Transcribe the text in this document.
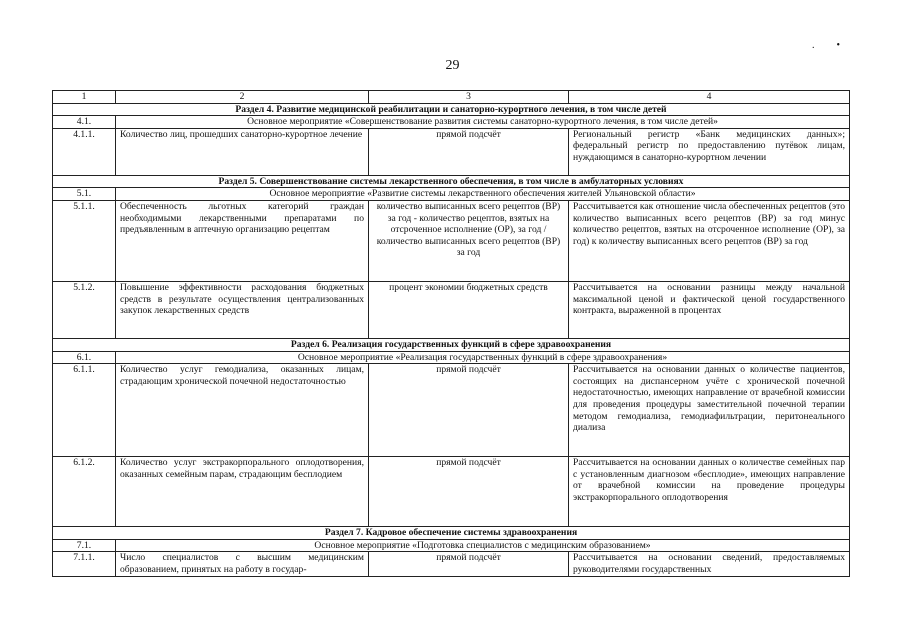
.•
29
1	2	3	4
Раздел 4. Развитие медицинской реабилитации и санаторно-курортного лечения, в том числе детей			
4.1.	Основное мероприятие «Совершенствование развития системы санаторно-курортного лечения, в том числе детей»		
4.1.1.	Количество лиц, прошедших санаторно-курортное лечение	прямой подсчёт	Региональный регистр «Банк медицинских данных»; федеральный регистр по предоставлению путёвок лицам, нуждающимся в санаторно-курортном лечении
Раздел 5. Совершенствование системы лекарственного обеспечения, в том числе в амбулаторных условиях			
5.1.	Основное мероприятие «Развитие системы лекарственного обеспечения жителей Ульяновской области»		
5.1.1.	Обеспеченность льготных категорий граждан необходимыми лекарственными препаратами по предъявленным в аптечную организацию рецептам	количество выписанных всего рецептов (ВР) за год - количество рецептов, взятых на отсроченное исполнение (ОР), за год / количество выписанных всего рецептов (ВР) за год	Рассчитывается как отношение числа обеспеченных рецептов (это количество выписанных всего рецептов (ВР) за год минус количество рецептов, взятых на отсроченное исполнение (ОР), за год) к количеству выписанных всего рецептов (ВР) за год
5.1.2.	Повышение эффективности расходования бюджетных средств в результате осуществления централизованных закупок лекарственных средств	процент экономии бюджетных средств	Рассчитывается на основании разницы между начальной максимальной ценой и фактической ценой государственного контракта, выраженной в процентах
Раздел 6. Реализация государственных функций в сфере здравоохранения			
6.1.	Основное мероприятие «Реализация государственных функций в сфере здравоохранения»		
6.1.1.	Количество услуг гемодиализа, оказанных лицам, страдающим хронической почечной недостаточностью	прямой подсчёт	Рассчитывается на основании данных о количестве пациентов, состоящих на диспансерном учёте с хронической почечной недостаточностью, имеющих направление от врачебной комиссии для проведения процедуры заместительной почечной терапии методом гемодиализа, гемодиафильтрации, перитонеального диализа
6.1.2.	Количество услуг экстракорпорального оплодотворения, оказанных семейным парам, страдающим бесплодием	прямой подсчёт	Рассчитывается на основании данных о количестве семейных пар с установленным диагнозом «бесплодие», имеющих направление от врачебной комиссии на проведение процедуры экстракорпорального оплодотворения
Раздел 7. Кадровое обеспечение системы здравоохранения			
7.1.	Основное мероприятие «Подготовка специалистов с медицинским образованием»		
7.1.1.	Число специалистов с высшим медицинским образованием, принятых на работу в государ-	прямой подсчёт	Рассчитывается на основании сведений, предоставляемых руководителями государственных
